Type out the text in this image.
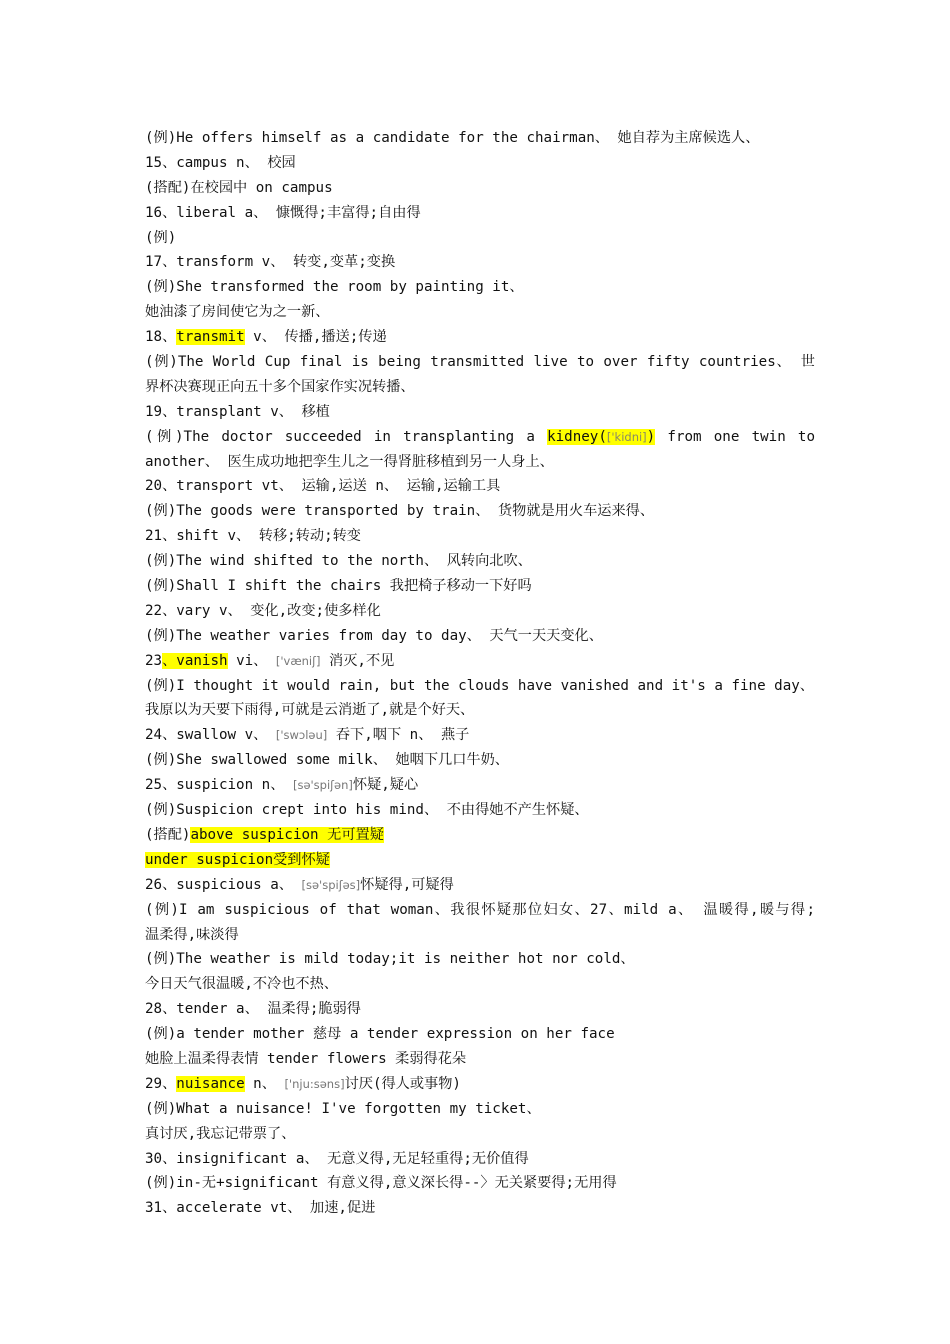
(例)He offers himself as a candidate for the chairman、 她自荐为主席候选人、
15、campus n、 校园
(搭配)在校园中 on campus
16、liberal a、 慷慨得;丰富得;自由得
(例)
17、transform v、 转变,变革;变换
(例)She transformed the room by painting it、
她油漆了房间使它为之一新、
18、transmit v、 传播,播送;传递
(例)The World Cup final is being transmitted live to over fifty countries、 世
界杯决赛现正向五十多个国家作实况转播、
19、transplant v、 移植
(例)The doctor succeeded in transplanting a kidney(['kidni]) from one twin to
another、 医生成功地把孪生儿之一得肾脏移植到另一人身上、
20、transport vt、 运输,运送 n、 运输,运输工具
(例)The goods were transported by train、 货物就是用火车运来得、
21、shift v、 转移;转动;转变
(例)The wind shifted to the north、 风转向北吹、
(例)Shall I shift the chairs 我把椅子移动一下好吗
22、vary v、 变化,改变;使多样化
(例)The weather varies from day to day、 天气一天天变化、
23、vanish vi、 ['væniʃ] 消灭,不见
(例)I thought it would rain, but the clouds have vanished and it's a fine day、
我原以为天要下雨得,可就是云消逝了,就是个好天、
24、swallow v、 ['swɔləu] 吞下,咽下 n、 燕子
(例)She swallowed some milk、 她咽下几口牛奶、
25、suspicion n、 [sə'spiʃən]怀疑,疑心
(例)Suspicion crept into his mind、 不由得她不产生怀疑、
(搭配)above suspicion 无可置疑
under suspicion受到怀疑
26、suspicious a、 [sə'spiʃəs]怀疑得,可疑得
(例)I am suspicious of that woman、我很怀疑那位妇女、27、mild a、 温暖得,暖与得;
温柔得,味淡得
(例)The weather is mild today;it is neither hot nor cold、
今日天气很温暖,不冷也不热、
28、tender a、 温柔得;脆弱得
(例)a tender mother 慈母 a tender expression on her face
她脸上温柔得表情 tender flowers 柔弱得花朵
29、nuisance n、 ['nju:səns]讨厌(得人或事物)
(例)What a nuisance! I've forgotten my ticket、
真讨厌,我忘记带票了、
30、insignificant a、 无意义得,无足轻重得;无价值得
(例)in-无+significant 有意义得,意义深长得--〉无关紧要得;无用得
31、accelerate vt、 加速,促进
